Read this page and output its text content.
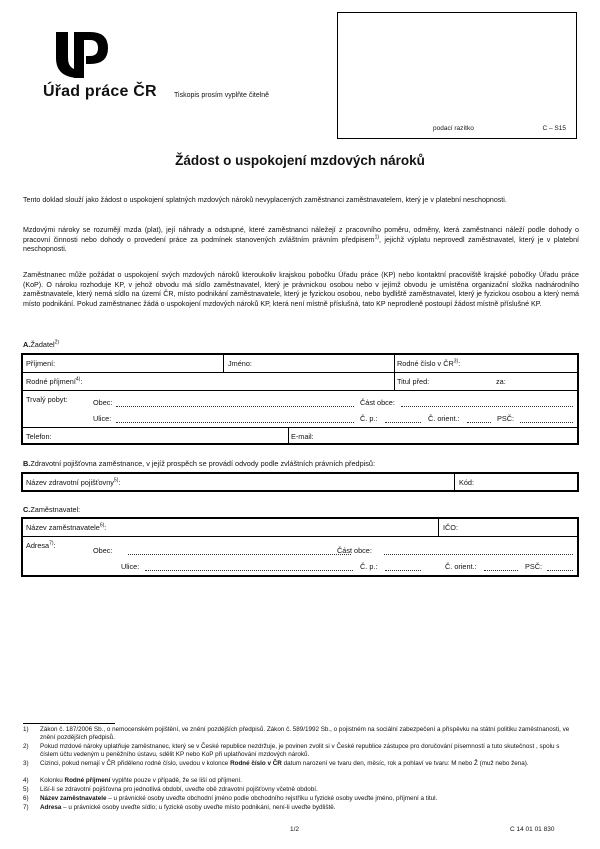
Úřad práce ČR Tiskopis prosím vyplňte čitelně
podací razítko	C – S15
Žádost o uspokojení mzdových nároků
Tento doklad slouží jako žádost o uspokojení splatných mzdových nároků nevyplacených zaměstnanci zaměstnavatelem, který je v platební neschopnosti.
Mzdovými nároky se rozumějí mzda (plat), její náhrady a odstupné, které zaměstnanci náležejí z pracovního poměru, odměny, která zaměstnanci náleží podle dohody o pracovní činnosti nebo dohody o provedení práce za podmínek stanovených zvláštním právním předpisem$^{1)}$, jejichž výplatu neprovedl zaměstnavatel, který je v platební neschopnosti.
Zaměstnanec může požádat o uspokojení svých mzdových nároků kteroukoliv krajskou pobočku Úřadu práce (KP) nebo kontaktní pracoviště krajské pobočky Úřadu práce (KoP). O nároku rozhoduje KP, v jehož obvodu má sídlo zaměstnavatel, který je právnickou osobou nebo v jejímž obvodu je umístěna organizační složka nadnárodního zaměstnavatele, který nemá sídlo na území ČR, místo podnikání zaměstnavatele, který je fyzickou osobou, nebo bydliště zaměstnavatel, který je fyzickou osobou a který nemá místo podnikání. Pokud zaměstnanec žádá o uspokojení mzdových nároků KP, která není místně příslušná, tato KP neprodleně postoupí žádost místně příslušné KP.
A.Žadatel$^{2)}$
Příjmení:	Jméno:	Rodné číslo v ČR$^{3)}$:
Rodné příjmení$^{4)}$:	Titul před:	za:
Trvalý pobyt:	Obec:	Část obce:
Ulice:	Č. p.:	Č. orient.:	PSČ:
Telefon:	E-mail:
B.Zdravotní pojišťovna zaměstnance, v jejíž prospěch se provádí odvody podle zvláštních právních předpisů:
Název zdravotní pojišťovny$^{5)}$:	Kód:
C.Zaměstnavatel:
Název zaměstnavatele$^{6)}$:	IČO:
Adresa$^{7)}$:
Obec:	Část obce:
Ulice:	Č. p.:	Č. orient.:	PSČ:
1)	Zákon č. 187/2006 Sb., o nemocenském pojištění, ve znění pozdějších předpisů. Zákon č. 589/1992 Sb., o pojistném na sociální zabezpečení a příspěvku na státní politiku zaměstnanosti, ve znění pozdějších předpisů.
2)	Pokud mzdové nároky uplatňuje zaměstnanec, který se v České republice nezdržuje, je povinen zvolit si v České republice zástupce pro doručování písemností a tuto skutečnost , spolu s číslem účtu vedeným u peněžního ústavu, sdělit KP nebo KoP při uplatňování mzdových nároků.
3)	Cizinci, pokud nemají v ČR přiděleno rodné číslo, uvedou v kolonce Rodné číslo v ČR datum narození ve tvaru den, měsíc, rok a pohlaví ve tvaru: M nebo Ž (muž nebo žena).
4)	Kolonku Rodné příjmení vyplňte pouze v případě, že se liší od příjmení.
5)	Liší-li se zdravotní pojišťovna pro jednotlivá období, uveďte obě zdravotní pojišťovny včetně období.
6)	Název zaměstnavatele – u právnické osoby uveďte obchodní jméno podle obchodního rejstříku u fyzické osoby uveďte jméno, příjmení a titul.
7)	Adresa – u právnické osoby uveďte sídlo; u fyzické osoby uveďte místo podnikání, není-li uveďte bydliště.
1/2	C 14 01 01 830
